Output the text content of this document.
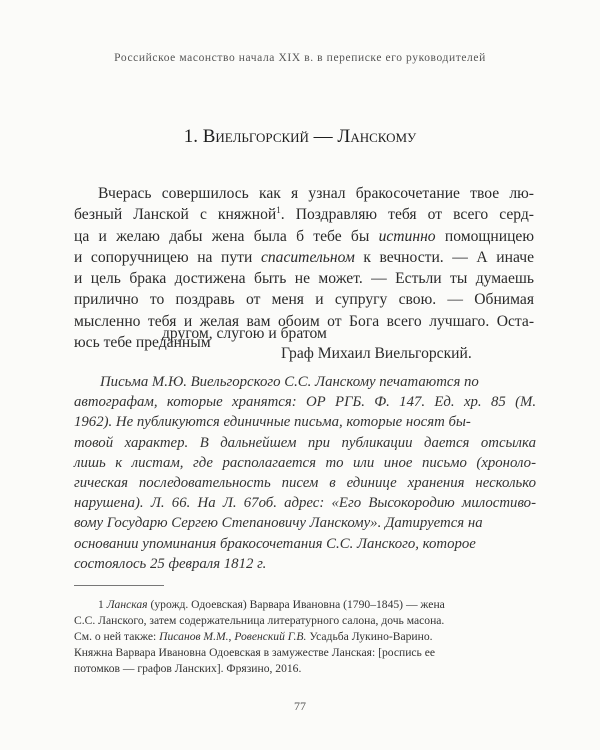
Российское масонство начала XIX в. в переписке его руководителей
1. Виельгорский — Ланскому
Вчерась совершилось как я узнал бракосочетание твое лю-
безный Ланской с княжной$^1$. Поздравляю тебя от всего серд-
ца и желаю дабы жена была б тебе бы истинно помощницею
и сопоручницею на пути спасительном к вечности. — А иначе
и цель брака достижена быть не может. — Естьли ты думаешь
прилично то поздравь от меня и супругу свою. — Обнимая
мысленно тебя и желая вам обоим от Бога всего лучшаго. Оста-
юсь тебе преданным
другом, слугою и братом
Граф Михаил Виельгорский.
Письма М.Ю. Виельгорского С.С. Ланскому печатаются по
автографам, которые хранятся: ОР РГБ. Ф. 147. Ед. хр. 85 (М.
1962). Не публикуются единичные письма, которые носят бы-
товой характер. В дальнейшем при публикации дается отсылка
лишь к листам, где располагается то или иное письмо (хроноло-
гическая последовательность писем в единице хранения несколько
нарушена). Л. 66. На Л. 67об. адрес: «Его Высокородию милостиво-
вому Государю Сергею Степановичу Ланскому». Датируется на
основании упоминания бракосочетания С.С. Ланского, которое
состоялось 25 февраля 1812 г.
1 Ланская (урожд. Одоевская) Варвара Ивановна (1790–1845) — жена
С.С. Ланского, затем содержательница литературного салона, дочь масона.
См. о ней также: Писанов М.М., Ровенский Г.В. Усадьба Лукино-Варино.
Княжна Варвара Ивановна Одоевская в замужестве Ланская: [роспись ее
потомков — графов Ланских]. Фрязино, 2016.
77
